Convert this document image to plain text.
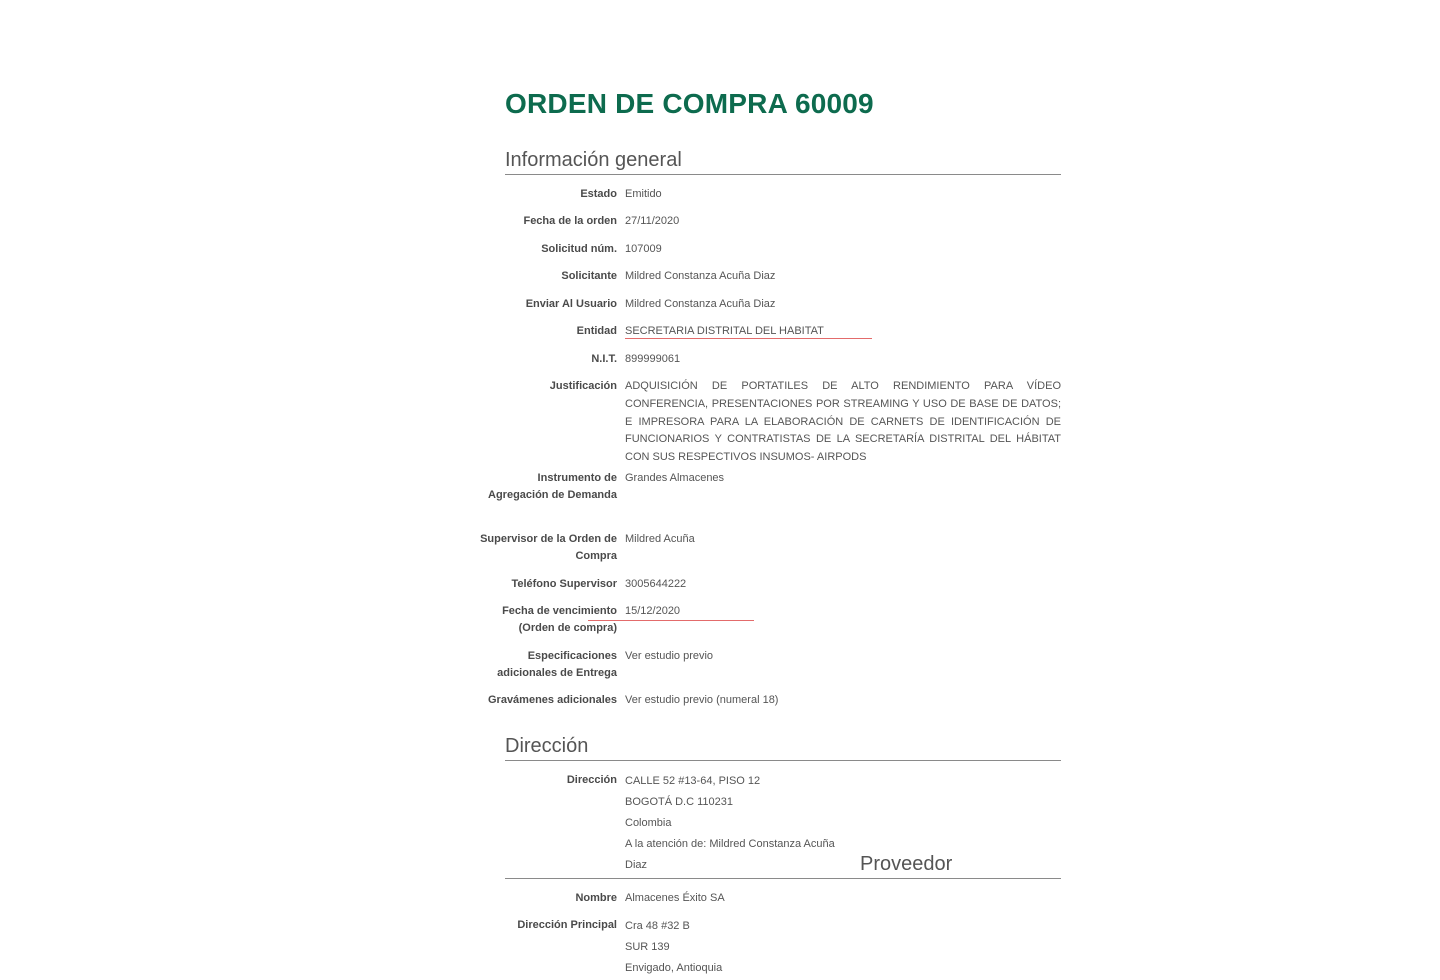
ORDEN DE COMPRA 60009
Información general
Estado Emitido
Fecha de la orden 27/11/2020
Solicitud núm. 107009
Solicitante Mildred Constanza Acuña Diaz
Enviar Al Usuario Mildred Constanza Acuña Diaz
Entidad SECRETARIA DISTRITAL DEL HABITAT
N.I.T. 899999061
Justificación ADQUISICIÓN DE PORTATILES DE ALTO RENDIMIENTO PARA VÍDEO CONFERENCIA, PRESENTACIONES POR STREAMING Y USO DE BASE DE DATOS; E IMPRESORA PARA LA ELABORACIÓN DE CARNETS DE IDENTIFICACIÓN DE FUNCIONARIOS Y CONTRATISTAS DE LA SECRETARÍA DISTRITAL DEL HÁBITAT CON SUS RESPECTIVOS INSUMOS- AIRPODS
Instrumento de Agregación de Demanda
Grandes Almacenes
Supervisor de la Orden de Compra
Mildred Acuña
Teléfono Supervisor 3005644222
Fecha de vencimiento (Orden de compra)
15/12/2020
Especificaciones adicionales de Entrega
Ver estudio previo
Gravámenes adicionales Ver estudio previo (numeral 18)
Dirección
Dirección CALLE 52 #13-64, PISO 12
BOGOTÁ D.C 110231
Colombia
A la atención de: Mildred Constanza Acuña
Diaz	Proveedor
Nombre Almacenes Éxito SA
Dirección Principal Cra 48 #32 B
SUR 139
Envigado, Antioquia
